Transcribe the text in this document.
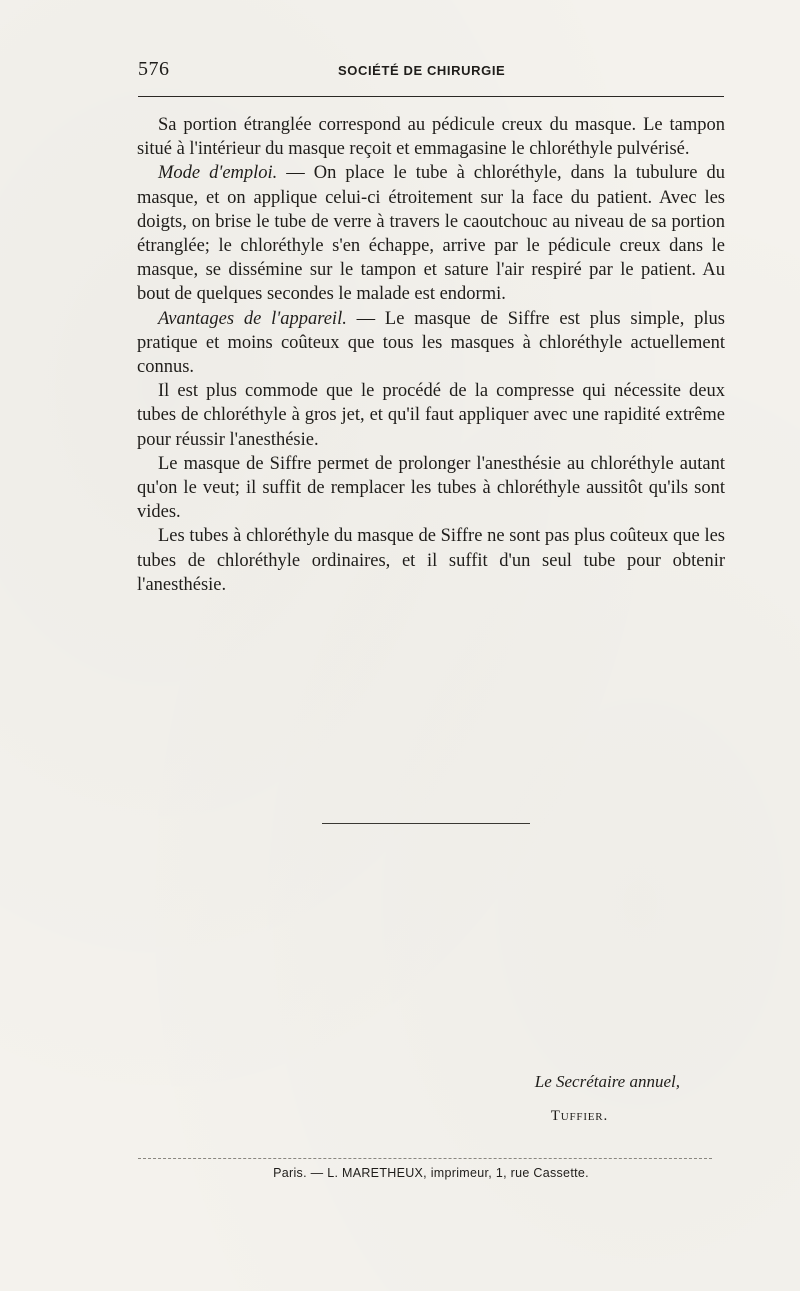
576	SOCIÉTÉ DE CHIRURGIE

Sa portion étranglée correspond au pédicule creux du masque. Le tampon situé à l'intérieur du masque reçoit et emmagasine le chloréthyle pulvérisé.

Mode d'emploi. — On place le tube à chloréthyle, dans la tubulure du masque, et on applique celui-ci étroitement sur la face du patient. Avec les doigts, on brise le tube de verre à travers le caoutchouc au niveau de sa portion étranglée; le chloréthyle s'en échappe, arrive par le pédicule creux dans le masque, se dissémine sur le tampon et sature l'air respiré par le patient. Au bout de quelques secondes le malade est endormi.

Avantages de l'appareil. — Le masque de Siffre est plus simple, plus pratique et moins coûteux que tous les masques à chloréthyle actuellement connus.

Il est plus commode que le procédé de la compresse qui nécessite deux tubes de chloréthyle à gros jet, et qu'il faut appliquer avec une rapidité extrême pour réussir l'anesthésie.

Le masque de Siffre permet de prolonger l'anesthésie au chloréthyle autant qu'on le veut; il suffit de remplacer les tubes à chloréthyle aussitôt qu'ils sont vides.

Les tubes à chloréthyle du masque de Siffre ne sont pas plus coûteux que les tubes de chloréthyle ordinaires, et il suffit d'un seul tube pour obtenir l'anesthésie.

Le Secrétaire annuel,
Tuffier.
Paris. — L. MARETHEUX, imprimeur, 1, rue Cassette.
